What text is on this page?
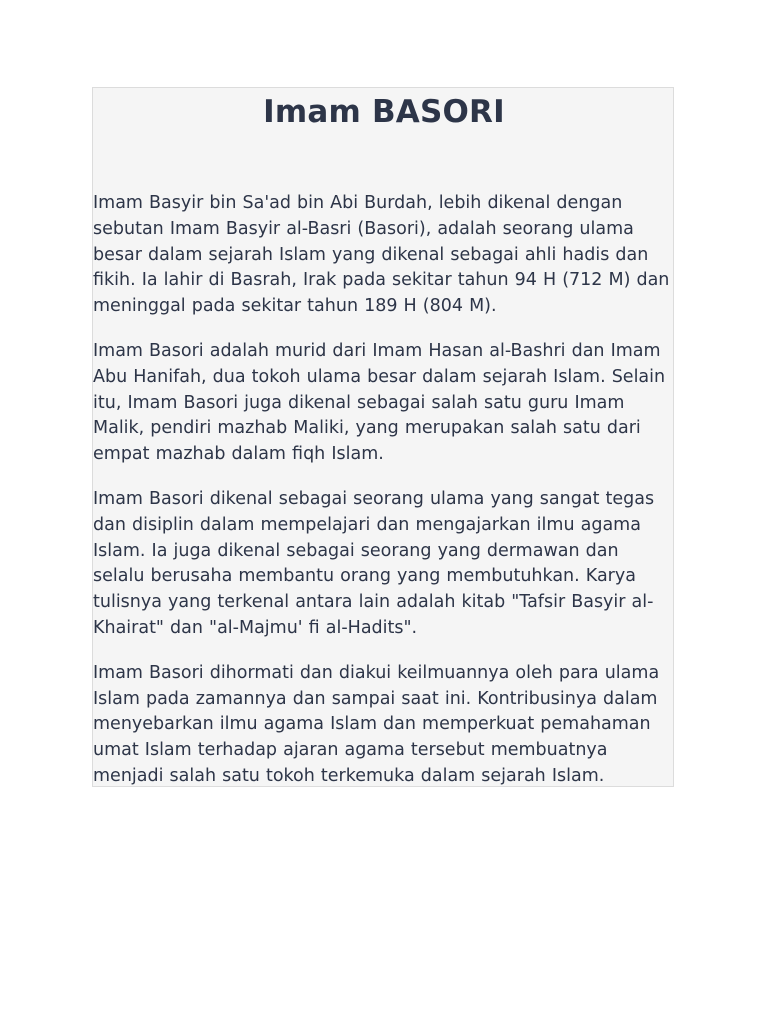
Imam BASORI

Imam Basyir bin Sa'ad bin Abi Burdah, lebih dikenal dengan sebutan Imam Basyir al-Basri (Basori), adalah seorang ulama besar dalam sejarah Islam yang dikenal sebagai ahli hadis dan fikih. Ia lahir di Basrah, Irak pada sekitar tahun 94 H (712 M) dan meninggal pada sekitar tahun 189 H (804 M).

Imam Basori adalah murid dari Imam Hasan al-Bashri dan Imam Abu Hanifah, dua tokoh ulama besar dalam sejarah Islam. Selain itu, Imam Basori juga dikenal sebagai salah satu guru Imam Malik, pendiri mazhab Maliki, yang merupakan salah satu dari empat mazhab dalam fiqh Islam.

Imam Basori dikenal sebagai seorang ulama yang sangat tegas dan disiplin dalam mempelajari dan mengajarkan ilmu agama Islam. Ia juga dikenal sebagai seorang yang dermawan dan selalu berusaha membantu orang yang membutuhkan. Karya tulisnya yang terkenal antara lain adalah kitab "Tafsir Basyir al-Khairat" dan "al-Majmu' fi al-Hadits".

Imam Basori dihormati dan diakui keilmuannya oleh para ulama Islam pada zamannya dan sampai saat ini. Kontribusinya dalam menyebarkan ilmu agama Islam dan memperkuat pemahaman umat Islam terhadap ajaran agama tersebut membuatnya menjadi salah satu tokoh terkemuka dalam sejarah Islam.
